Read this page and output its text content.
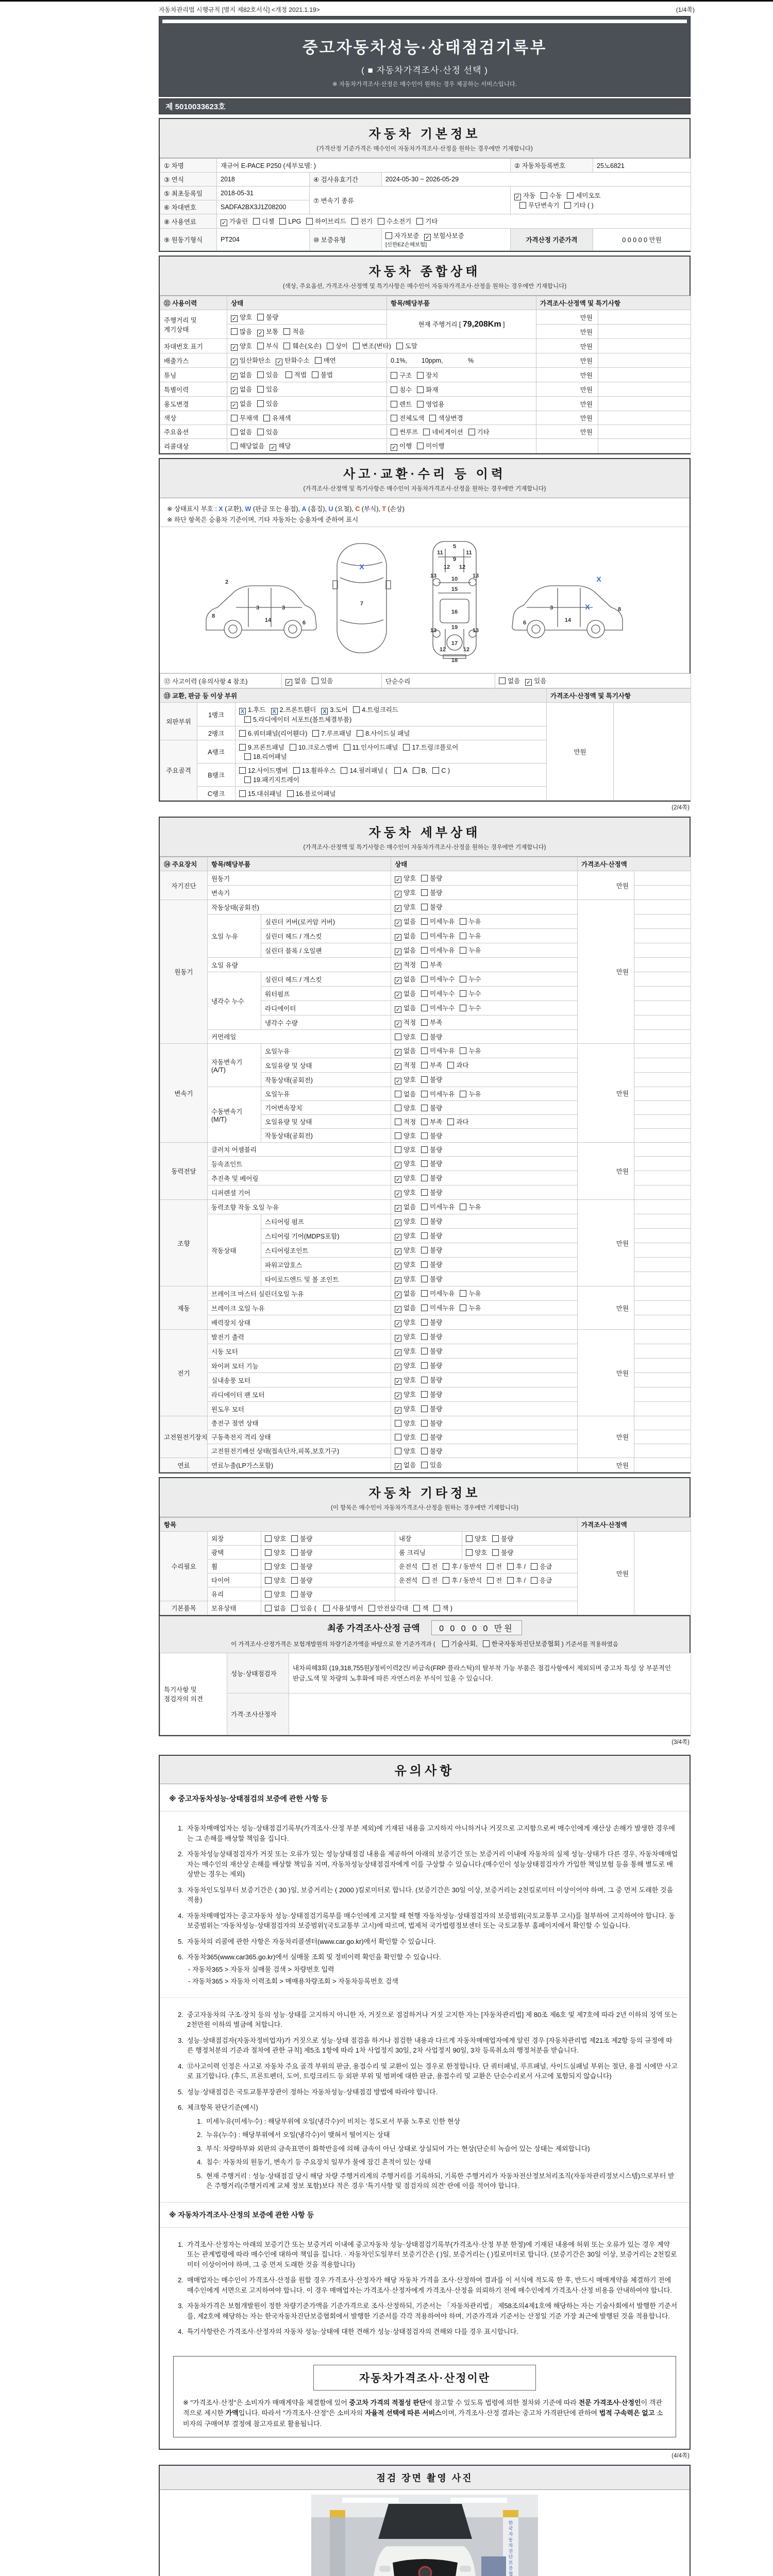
자동차관리법 시행규칙 [별지 제82호서식] <개정 2021.1.19>	(1/4쪽)
중고자동차성능·상태점검기록부
( ■ 자동차가격조사·산정 선택 )
※ 자동차가격조사·산정은 매수인이 원하는 경우 제공하는 서비스입니다.
제 5010033623호
자동차 기본정보
(가격산정 기준가격은 매수인이 자동차가격조사·산정을 원하는 경우에만 기재합니다)
① 차명	재규어 E-PACE P250 (세부모델: )			② 자동차등록번호	25노6821
③ 연식	2018	④ 검사유효기간	2024-05-30 ~ 2026-05-29		
⑤ 최초등록일	2018-05-31	⑦ 변속기 종류		✓ 자동 수동 세미오토
무단변속기 기타 ( )	
⑥ 차대번호	SADFA2BX3J1Z08200				
⑧ 사용연료	✓ 가솔린 디젤 LPG 하이브리드 전기 수소전기 기타				
⑨ 원동기형식	PT204	⑩ 보증유형	자가보증 ✓ 보험사보증 [신한EZ손해보험]	가격산정 기준가격	0 0 0 0 0 만원
자동차 종합상태
(색상, 주요옵션, 가격조사·산정액 및 특기사항은 매수인이 자동차가격조사·산정을 원하는 경우에만 기재합니다)
⑪ 사용이력	상태	항목/해당부품	가격조사·산정액 및 특기사항	
주행거리 및 계기상태	✓ 양호 불량	현재 주행거리 [ 79,208Km ]	만원	
	많음 ✓ 보통 적음		만원	
차대번호 표기	✓ 양호 부식 훼손(오손) 상이 변조(변타) 도말		만원	
배출가스	✓ 일산화탄소 ✓ 탄화수소 매연	0.1%,        10ppm,              %	만원	
튜닝	✓ 없음 있음 적법 불법	구조 장치	만원	
특별이력	✓ 없음 있음	침수 화재	만원	
용도변경	✓ 없음 있음	렌트 영업용	만원	
색상	무채색 유채색	전체도색 색상변경	만원	
주요옵션	없음 있음	썬루프 네비게이션 기타	만원	
리콜대상	해당없음 ✓ 해당	✓ 이행 미이행		
사고·교환·수리 등 이력
(가격조사·산정액 및 특기사항은 매수인이 자동차가격조사·산정을 원하는 경우에만 기재합니다)
※ 상태표시 부호 : X (교환), W (판금 또는 용접), A (흠집), U (요철), C (부식), T (손상)
※ 하단 항목은 승용차 기준이며, 기타 자동차는 승용차에 준하여 표시
2
8
3
14
3
6
X
7
5
9
11	11
12 12
13	13
10
15
16
19
13	13
12	12
17
18
X
8
X
14
3
6
⑫ 사고이력 (유의사항 4 참조)	✓ 없음 있음	단순수리	없음 ✓ 있음
⑬ 교환, 판금 등 이상 부위			가격조사·산정액 및 특기사항	
외판부위	1랭크	X 1.후드 X 2.프론트휀더 X 3.도어 4.트렁크리드
5.라디에이터 서포트(볼트체결부품)	만원	
	2랭크	6.쿼터패널(리어휀다) 7.루프패널 8.사이드실 패널		
주요골격	A랭크	9.프론트패널 10.크로스멤버 11.인사이드패널 17.트렁크플로어
18.리어패널		
	B랭크	12.사이드멤버 13.휠하우스 14.필러패널 ( A B, C )
19.패키지트레이		
	C랭크	15.대쉬패널 16.플로어패널		
(2/4쪽)
자동차 세부상태
(가격조사·산정액 및 특기사항은 매수인이 자동차가격조사·산정을 원하는 경우에만 기재합니다)
⑭ 주요장치	항목/해당부품		상태	가격조사·산정액	
자기진단	원동기		✓ 양호 불량	만원	
	변속기		✓ 양호 불량		
원동기	작동상태(공회전)		✓ 양호 불량	만원	
	오일 누유	실린더 커버(로커암 커버)	✓ 없음 미세누유 누유		
		실린더 헤드 / 개스킷	✓ 없음 미세누유 누유		
		실린더 블록 / 오일팬	✓ 없음 미세누유 누유		
	오일 유량		✓ 적정 부족		
	냉각수 누수	실린더 헤드 / 개스킷	✓ 없음 미세누수 누수		
		워터펌프	✓ 없음 미세누수 누수		
		라디에이터	✓ 없음 미세누수 누수		
		냉각수 수량	✓ 적정 부족		
	커먼레일		양호 불량		
변속기	자동변속기 (A/T)	오일누유	✓ 없음 미세누유 누유	만원	
		오일유량 및 상태	✓ 적정 부족 과다		
		작동상태(공회전)	✓ 양호 불량		
	수동변속기 (M/T)	오일누유	없음 미세누유 누유		
		기어변속장치	양호 불량		
		오일유량 및 상태	적정 부족 과다		
		작동상태(공회전)	양호 불량		
동력전달	클러치 어셈블리		양호 불량	만원	
	등속죠인트		✓ 양호 불량		
	추진축 및 베어링		✓ 양호 불량		
	디퍼렌셜 기어		✓ 양호 불량		
조향	동력조향 작동 오일 누유		✓ 없음 미세누유 누유	만원	
	작동상태	스티어링 펌프	✓ 양호 불량		
		스티어링 기어(MDPS포함)	✓ 양호 불량		
		스티어링조인트	✓ 양호 불량		
		파워고압호스	✓ 양호 불량		
		타이로드엔드 및 볼 조인트	✓ 양호 불량		
제동	브레이크 마스터 실린더오일 누유		✓ 없음 미세누유 누유	만원	
	브레이크 오일 누유		✓ 없음 미세누유 누유		
	배력장치 상태		✓ 양호 불량		
전기	발전기 출력		✓ 양호 불량	만원	
	시동 모터		✓ 양호 불량		
	와이퍼 모터 기능		✓ 양호 불량		
	실내송풍 모터		✓ 양호 불량		
	라디에이터 팬 모터		✓ 양호 불량		
	윈도우 모터		✓ 양호 불량		
고전원전기장치	충전구 절연 상태		양호 불량	만원	
	구동축전지 격리 상태		양호 불량		
	고전원전기배선 상태(접속단자,피복,보호기구)		양호 불량		
연료	연료누출(LP가스포함)		✓ 없음 있음	만원	
자동차 기타정보
(이 항목은 매수인이 자동차가격조사·산정을 원하는 경우에만 기재합니다)
항목					가격조사·산정액	
수리필요	외장	양호 불량	내장	양호 불량	만원	
	광택	양호 불량	룸 크리닝	양호 불량		
	휠	양호 불량	운전석 전 후 / 동반석 전 후 / 응급			
	타이어	양호 불량	운전석 전 후 / 동반석 전 후 / 응급			
	유리	양호 불량				
기본품목	보유상태	없음 있음 ( 사용설명서 안전삼각대 잭 잭 )				
최종 가격조사·산정 금액 0 0 0 0 0 만원
이 가격조사·산정가격은 보험개발원의 차량기준가액을 바탕으로 한 기준가격과 ( 기술사회, 한국자동차진단보증협회 ) 기준서를 적용하였음
특기사항 및 점검자의 의견	성능·상태점검자	내차피해3회 (19,318,755원)/정비이력2건/ 비금속(FRP 플라스틱)의 탈부착 가능 부품은 점검사항에서 제외되며 중고차 특성 상 부분적인 판금,도색 및 차량의 노후화에 따른 자연스러운 부식이 있을 수 있습니다.
	가격·조사산정자	
(3/4쪽)
유의사항
※ 중고자동차성능·상태점검의 보증에 관한 사항 등
1. 자동차매매업자는 성능·상태점검기록부(가격조사·산정 부분 제외)에 기재된 내용을 고지하지 아니하거나 거짓으로 고지함으로써 매수인에게 재산상 손해가 발생한 경우에는 그 손해를 배상할 책임을 집니다.
2. 자동차성능상태점검자가 거짓 또는 오류가 있는 성능상태점검 내용을 제공하여 아래의 보증기간 또는 보증거리 이내에 자동차의 실제 성능·상태가 다른 경우, 자동차매매업자는 매수인의 재산상 손해를 배상할 책임을 지며, 자동차성능상태점검자에게 이를 구상할 수 있습니다.(매수인이 성능상태점검자가 가입한 책임보험 등을 통해 별도로 배상받는 경우는 제외)
3. 자동차인도일부터 보증기간은 ( 30 )일, 보증거리는 ( 2000 )킬로미터로 합니다. (보증기간은 30일 이상, 보증거리는 2천킬로미터 이상이어야 하며, 그 중 먼저 도래한 것을 적용)
4. 자동차매매업자는 중고자동차 성능·상태점검기록부를 매수인에게 고지할 때 현행 자동차성능·상태점검자의 보증범위(국토교통부 고시)를 첨부하여 고지하여야 합니다. 동 보증범위는 '자동차성능·상태점검자의 보증범위'(국토교통부 고시)에 따르며, 법제처 국가법령정보센터 또는 국토교통부 홈페이지에서 확인할 수 있습니다.
5. 자동차의 리콜에 관한 사항은 자동차리콜센터(www.car.go.kr)에서 확인할 수 있습니다.
6. 자동차365(www.car365.go.kr)에서 실매물 조회 및 정비이력 확인을 확인할 수 있습니다.
- 자동차365 > 자동차 실매물 검색 > 차량번호 입력
- 자동차365 > 자동차 이력조회 > 매매용차량조회 > 자동차등록번호 검색
2. 중고자동차의 구조·장치 등의 성능·상태를 고지하지 아니한 자, 거짓으로 점검하거나 거짓 고지한 자는 [자동차관리법] 제 80조 제6호 및 제7호에 따라 2년 이하의 징역 또는 2천만원 이하의 벌금에 처합니다.
3. 성능·상태점검자(자동차정비업자)가 거짓으로 성능·상태 점검을 하거나 점검한 내용과 다르게 자동차매매업자에게 알린 경우 [자동차관리법 제21조 제2항 등의 규정에 따른 행정처분의 기준과 절차에 관한 규칙] 제5조 1항에 따라 1차 사업정지 30일, 2차 사업정지 90일, 3차 등록취소의 행정처분을 받습니다.
4. ⑫사고이력 인정은 사고로 자동차 주요 골격 부위의 판금, 용접수리 및 교환이 있는 경우로 한정합니다. 단 쿼터패널, 루프패널, 사이드실패널 부위는 절단, 용접 시에만 사고로 표기합니다. (후드, 프론트펜더, 도어, 트렁크리드 등 외판 부위 및 범퍼에 대한 판금, 용접수리 및 교환은 단순수리로서 사고에 포함되지 않습니다)
5. 성능·상태점검은 국토교통부장관이 정하는 자동차성능·상태점검 방법에 따라야 합니다.
6. 체크항목 판단기준(예시)
1. 미세누유(미세누수) : 해당부위에 오일(냉각수)이 비치는 정도로서 부품 노후로 인한 현상
2. 누유(누수) : 해당부위에서 오일(냉각수)이 맺혀서 떨어지는 상태
3. 부식: 차량하부와 외판의 금속표면이 화학반응에 의해 금속이 아닌 상태로 상실되어 가는 현상(단순히 녹슬어 있는 상태는 제외합니다)
4. 침수: 자동차의 원동기, 변속기 등 주요장치 일부가 물에 잠긴 흔적이 있는 상태
5. 현재 주행거리 : 성능·상태점검 당시 해당 차량 주행거리계의 주행거리를 기록하되, 기록한 주행거리가 자동차전산정보처리조직(자동차관리정보시스템)으로부터 받은 주행거리(주행거리계 교체 정보 포함)보다 적은 경우 '특기사항 및 점검자의 의견' 란에 이를 적어야 합니다.
※ 자동차가격조사·산정의 보증에 관한 사항 등
1. 가격조사·산정자는 아래의 보증기간 또는 보증거리 이내에 중고자동차 성능·상태점검기록부(가격조사·산정 부분 한정)에 기재된 내용에 허위 또는 오류가 있는 경우 계약 또는 관계법령에 따라 매수인에 대하여 책임을 집니다. · 자동차인도일부터 보증기간은 ( )일, 보증거리는 ( )킬로미터로 합니다. (보증기간은 30일 이상, 보증거리는 2천킬로미터 이상이어야 하며, 그 중 먼저 도래한 것을 적용합니다)
2. 매매업자는 매수인이 가격조사·산정을 원할 경우 가격조사·산정자가 해당 자동차 가격을 조사·산정하여 결과를 이 서식에 적도록 한 후, 반드시 매매계약을 체결하기 전에 매수인에게 서면으로 고지하여야 합니다. 이 경우 매매업자는 가격조사·산정자에게 가격조사·산정을 의뢰하기 전에 매수인에게 가격조사·산정 비용을 안내하여야 합니다.
3. 자동차가격은 보험개발원이 정한 차량기준가액을 기준가격으로 조사·산정하되, 기준서는 「자동차관리법」 제58조의4제1호에 해당하는 자는 기술사회에서 발행한 기준서를, 제2호에 해당하는 자는 한국자동차진단보증협회에서 발행한 기준서를 각각 적용하여야 하며, 기준가격과 기준서는 산정일 기준 가장 최근에 발행된 것을 적용합니다.
4. 특기사항란은 가격조사·산정자의 자동차 성능·상태에 대한 견해가 성능·상태점검자의 견해와 다를 경우 표시합니다.
자동차가격조사·산정이란
※ "가격조사·산정"은 소비자가 매매계약을 체결함에 있어 중고차 가격의 적절성 판단에 참고할 수 있도록 법령에 의한 절차와 기준에 따라 전문 가격조사·산정인이 객관적으로 제시한 가액입니다. 따라서 "가격조사·산정"은 소비자의 자율적 선택에 따른 서비스이며, 가격조사·산정 결과는 중고차 가격판단에 관하여 법적 구속력은 없고 소비자의 구매여부 결정에 참고자료로 활용됩니다.
(4/4쪽)
점검 장면 촬영 사진
한 국 자 동 차 진 단 보 증 협
